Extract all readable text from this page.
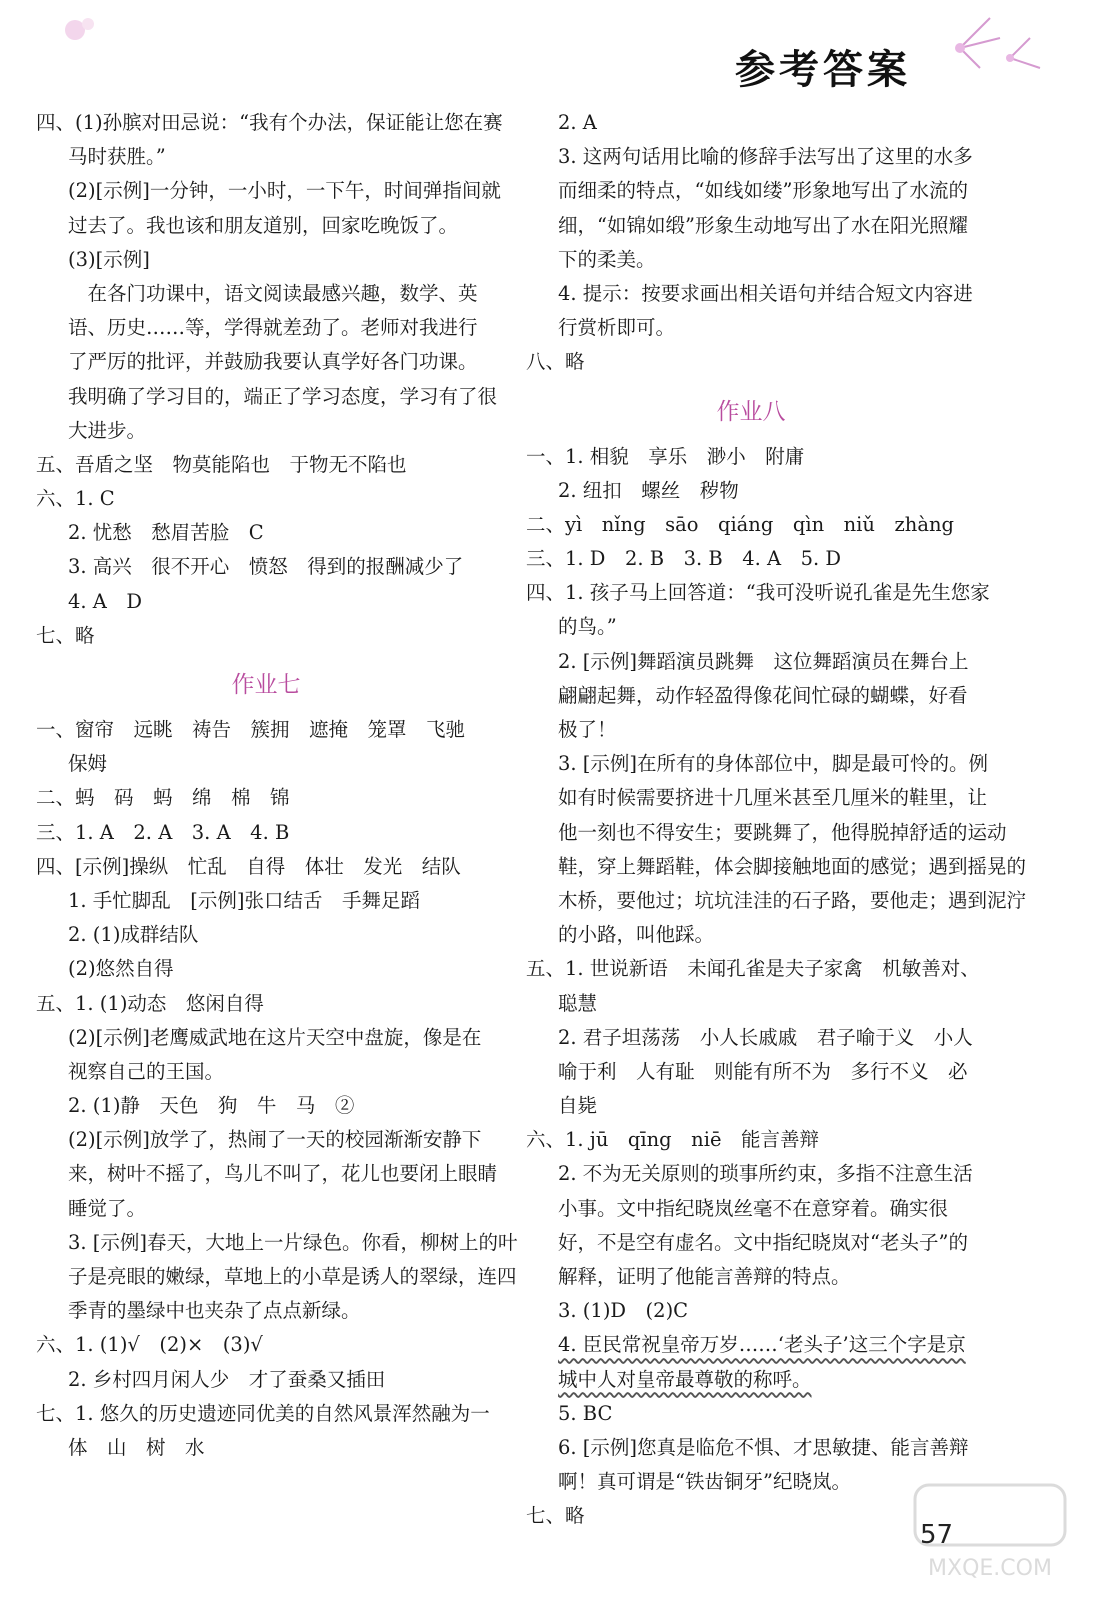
参考答案
四、(1)孙膑对田忌说：“我有个办法，保证能让您在赛
马时获胜。”
(2)[示例]一分钟，一小时，一下午，时间弹指间就
过去了。我也该和朋友道别，回家吃晚饭了。
(3)[示例]
　在各门功课中，语文阅读最感兴趣，数学、英
语、历史……等，学得就差劲了。老师对我进行
了严厉的批评，并鼓励我要认真学好各门功课。
我明确了学习目的，端正了学习态度，学习有了很
大进步。
五、吾盾之坚　物莫能陷也　于物无不陷也
六、1. C
2. 忧愁　愁眉苦脸　C
3. 高兴　很不开心　愤怒　得到的报酬减少了
4. A　D
七、略
作业七
一、窗帘　远眺　祷告　簇拥　遮掩　笼罩　飞驰
保姆
二、蚂　码　蚂　绵　棉　锦
三、1. A　2. A　3. A　4. B
四、[示例]操纵　忙乱　自得　体壮　发光　结队
1. 手忙脚乱　[示例]张口结舌　手舞足蹈
2. (1)成群结队
(2)悠然自得
五、1. (1)动态　悠闲自得
(2)[示例]老鹰威武地在这片天空中盘旋，像是在
视察自己的王国。
2. (1)静　天色　狗　牛　马　②
(2)[示例]放学了，热闹了一天的校园渐渐安静下
来，树叶不摇了，鸟儿不叫了，花儿也要闭上眼睛
睡觉了。
3. [示例]春天，大地上一片绿色。你看，柳树上的叶
子是亮眼的嫩绿，草地上的小草是诱人的翠绿，连四
季青的墨绿中也夹杂了点点新绿。
六、1. (1)√　(2)×　(3)√
2. 乡村四月闲人少　才了蚕桑又插田
七、1. 悠久的历史遗迹同优美的自然风景浑然融为一
体　山　树　水
2. A
3. 这两句话用比喻的修辞手法写出了这里的水多
而细柔的特点，“如线如缕”形象地写出了水流的
细，“如锦如缎”形象生动地写出了水在阳光照耀
下的柔美。
4. 提示：按要求画出相关语句并结合短文内容进
行赏析即可。
八、略
作业八
一、1. 相貌　享乐　渺小　附庸
2. 纽扣　螺丝　秽物
二、yì　nǐng　sāo　qiáng　qìn　niǔ　zhàng
三、1. D　2. B　3. B　4. A　5. D
四、1. 孩子马上回答道：“我可没听说孔雀是先生您家
的鸟。”
2. [示例]舞蹈演员跳舞　这位舞蹈演员在舞台上
翩翩起舞，动作轻盈得像花间忙碌的蝴蝶，好看
极了！
3. [示例]在所有的身体部位中，脚是最可怜的。例
如有时候需要挤进十几厘米甚至几厘米的鞋里，让
他一刻也不得安生；要跳舞了，他得脱掉舒适的运动
鞋，穿上舞蹈鞋，体会脚接触地面的感觉；遇到摇晃的
木桥，要他过；坑坑洼洼的石子路，要他走；遇到泥泞
的小路，叫他踩。
五、1. 世说新语　未闻孔雀是夫子家禽　机敏善对、
聪慧
2. 君子坦荡荡　小人长戚戚　君子喻于义　小人
喻于利　人有耻　则能有所不为　多行不义　必
自毙
六、1. jū　qīng　niē　能言善辩
2. 不为无关原则的琐事所约束，多指不注意生活
小事。文中指纪晓岚丝毫不在意穿着。确实很
好，不是空有虚名。文中指纪晓岚对“老头子”的
解释，证明了他能言善辩的特点。
3. (1)D　(2)C
4. 臣民常祝皇帝万岁……‘老头子’这三个字是京
城中人对皇帝最尊敬的称呼。
5. BC
6. [示例]您真是临危不惧、才思敏捷、能言善辩
啊！真可谓是“铁齿铜牙”纪晓岚。
七、略
MXQE.COM
57
